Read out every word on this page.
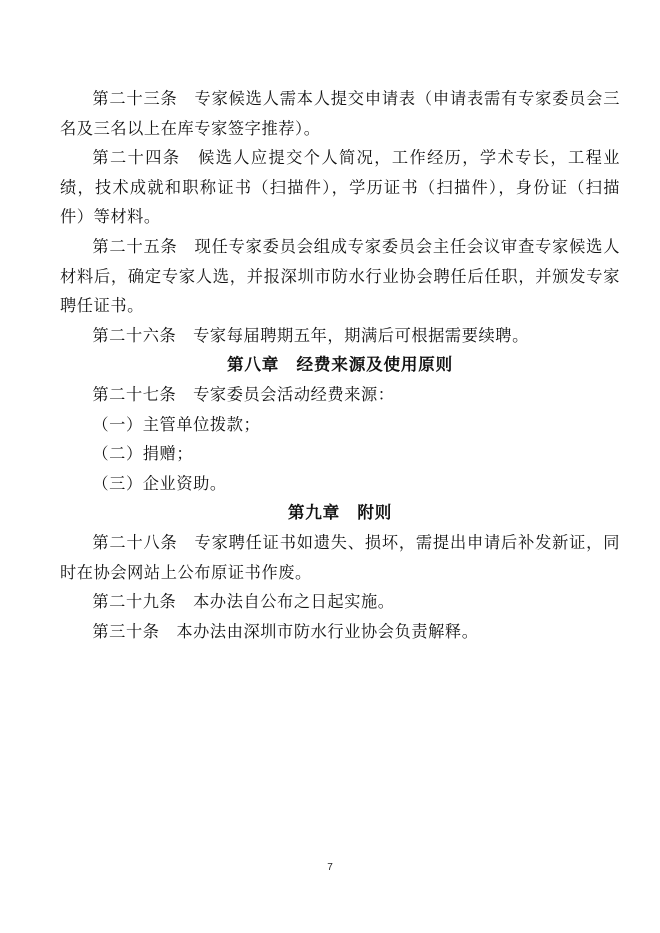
第二十三条　专家候选人需本人提交申请表（申请表需有专家委员会三名及三名以上在库专家签字推荐）。

第二十四条　候选人应提交个人简况，工作经历，学术专长，工程业绩，技术成就和职称证书（扫描件），学历证书（扫描件），身份证（扫描件）等材料。

第二十五条　现任专家委员会组成专家委员会主任会议审查专家候选人材料后，确定专家人选，并报深圳市防水行业协会聘任后任职，并颁发专家聘任证书。

第二十六条　专家每届聘期五年，期满后可根据需要续聘。

第八章　经费来源及使用原则

第二十七条　专家委员会活动经费来源：

（一）主管单位拨款；

（二）捐赠；

（三）企业资助。

第九章　附则

第二十八条　专家聘任证书如遗失、损坏，需提出申请后补发新证，同时在协会网站上公布原证书作废。

第二十九条　本办法自公布之日起实施。

第三十条　本办法由深圳市防水行业协会负责解释。

7
